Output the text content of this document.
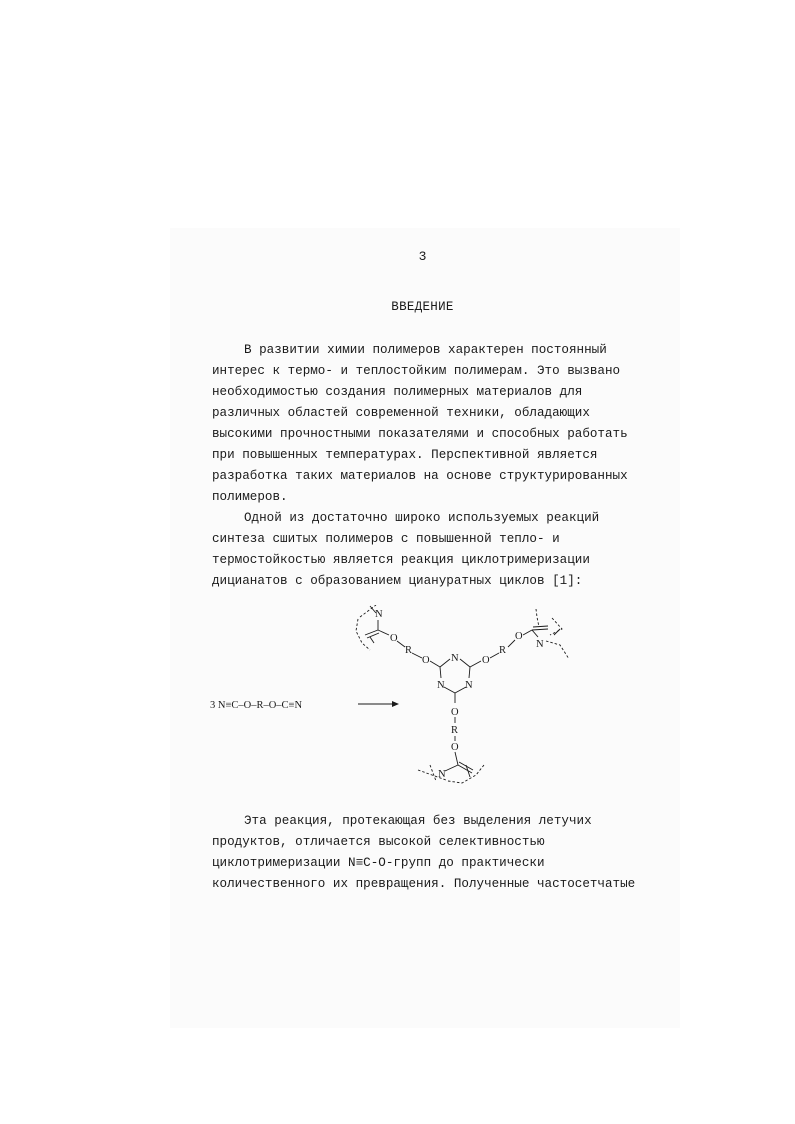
3
ВВЕДЕНИЕ
В развитии химии полимеров характерен постоянный
интерес к термо- и теплостойким полимерам. Это вызвано
необходимостью создания полимерных материалов для
различных областей современной техники, обладающих
высокими прочностными показателями и способных работать
при повышенных температурах. Перспективной является
разработка таких материалов на основе структурированных
полимеров.
Одной из достаточно широко используемых реакций
синтеза сшитых полимеров с повышенной тепло- и
термостойкостью является реакция циклотримеризации
дицианатов с образованием циануратных циклов [1]:
3 N≡C–O–R–O–C≡N
N
N N
O
R
O
N
O
R
O
N
O
R
O
N
Эта реакция, протекающая без выделения летучих
продуктов, отличается высокой селективностью
циклотримеризации N≡C-O-групп до практически
количественного их превращения. Полученные частосетчатые
